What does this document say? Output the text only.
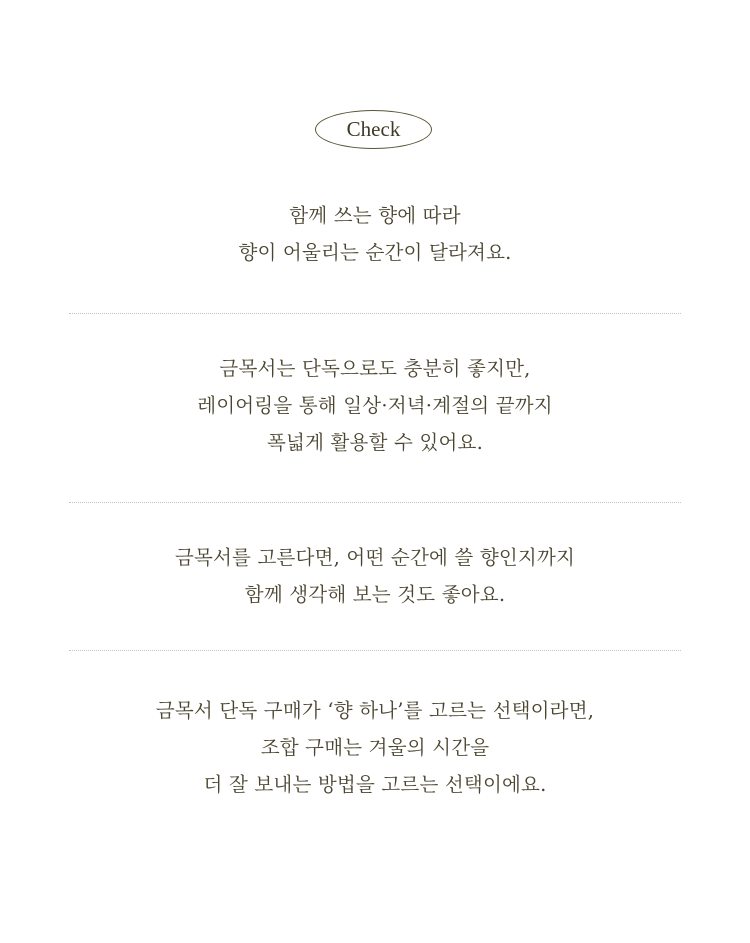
Check
함께 쓰는 향에 따라
향이 어울리는 순간이 달라져요.
금목서는 단독으로도 충분히 좋지만,
레이어링을 통해 일상·저녁·계절의 끝까지
폭넓게 활용할 수 있어요.
금목서를 고른다면, 어떤 순간에 쓸 향인지까지
함께 생각해 보는 것도 좋아요.
금목서 단독 구매가 ‘향 하나’를 고르는 선택이라면,
조합 구매는 겨울의 시간을
더 잘 보내는 방법을 고르는 선택이에요.
